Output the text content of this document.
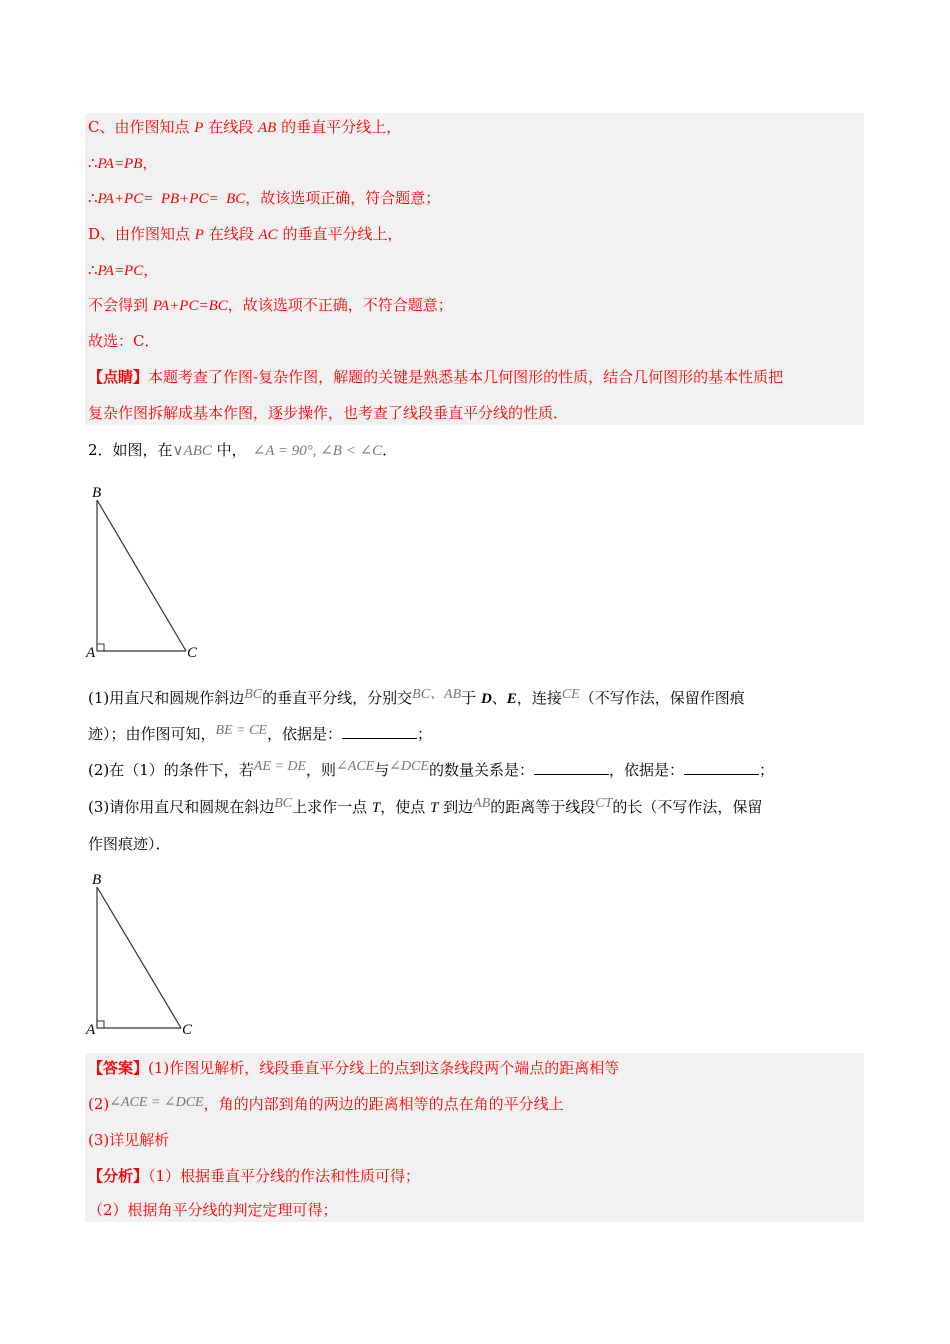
C、由作图知点 P 在线段 AB 的垂直平分线上，
∴PA=PB，
∴PA+PC=  PB+PC=  BC，故该选项正确，符合题意；
D、由作图知点 P 在线段 AC 的垂直平分线上，
∴PA=PC，
不会得到 PA+PC=BC，故该选项不正确，不符合题意；
故选：C．
【点睛】本题考查了作图-复杂作图，解题的关键是熟悉基本几何图形的性质，结合几何图形的基本性质把
复杂作图拆解成基本作图，逐步操作，也考查了线段垂直平分线的性质．
2．如图，在∨ABC 中， ∠A = 90°, ∠B < ∠C．
B
A	C
(1)用直尺和圆规作斜边BC的垂直平分线，分别交BC、AB于 D、E，连接CE（不写作法，保留作图痕
迹）；由作图可知，BE = CE，依据是：	；
(2)在（1）的条件下，若AE = DE，则∠ACE与∠DCE的数量关系是：	，依据是：	；
(3)请你用直尺和圆规在斜边BC上求作一点 T，使点 T 到边AB的距离等于线段CT的长（不写作法，保留
作图痕迹）．
B
A	C
【答案】(1)作图见解析，线段垂直平分线上的点到这条线段两个端点的距离相等
(2)∠ACE = ∠DCE，角的内部到角的两边的距离相等的点在角的平分线上
(3)详见解析
【分析】（1）根据垂直平分线的作法和性质可得；
（2）根据角平分线的判定定理可得；
